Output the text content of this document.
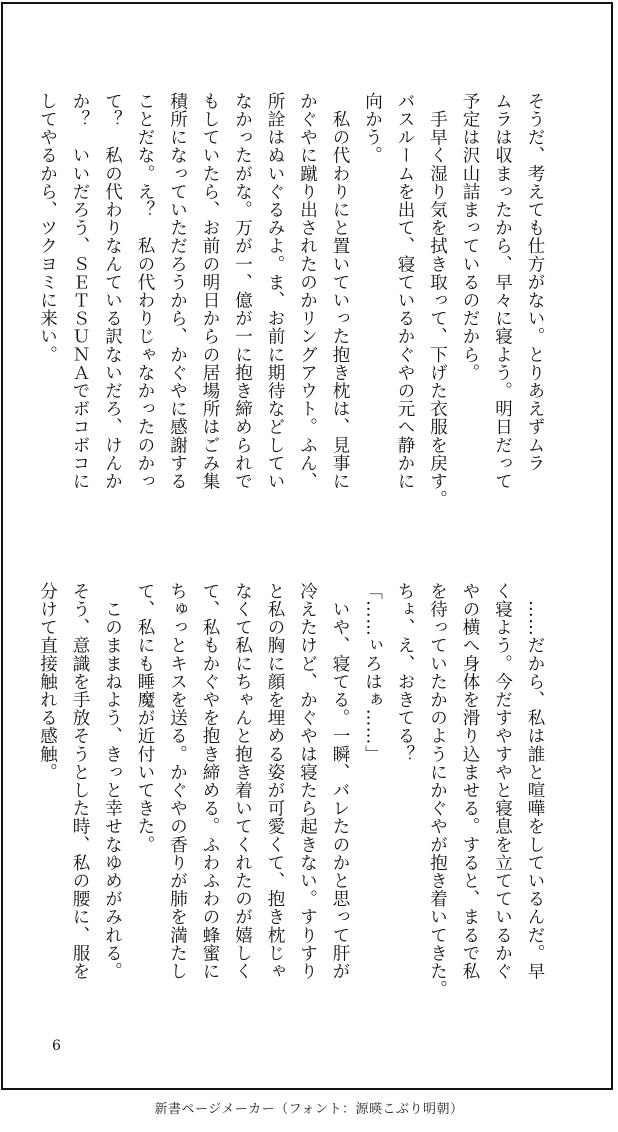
そうだ、考えても仕方がない。とりあえずムラ

ムラは収まったから、早々に寝よう。明日だって

予定は沢山詰まっているのだから。

　手早く湿り気を拭き取って、下げた衣服を戻す。

バスルームを出て、寝ているかぐやの元へ静かに

向かう。

　私の代わりにと置いていった抱き枕は、見事に

かぐやに蹴り出されたのかリングアウト。ふん、

所詮はぬいぐるみよ。ま、お前に期待などしてい

なかったがな。万が一、億が一に抱き締められで

もしていたら、お前の明日からの居場所はごみ集

積所になっていただろうから、かぐやに感謝する

ことだな。え？　私の代わりじゃなかったのかっ

て？　私の代わりなんている訳ないだろ、けんか

か？　いいだろう、ＳＥＴＳＵＮＡでボコボコに

してやるから、ツクヨミに来い。

　……だから、私は誰と喧嘩をしているんだ。早

く寝よう。今だすやすやと寝息を立てているかぐ

やの横へ身体を滑り込ませる。すると、まるで私

を待っていたかのようにかぐやが抱き着いてきた。

ちょ、え、おきてる？

「……ぃろはぁ……」

　いや、寝てる。一瞬、バレたのかと思って肝が

冷えたけど、かぐやは寝たら起きない。すりすり

と私の胸に顔を埋める姿が可愛くて、抱き枕じゃ

なくて私にちゃんと抱き着いてくれたのが嬉しく

て、私もかぐやを抱き締める。ふわふわの蜂蜜に

ちゅっとキスを送る。かぐやの香りが肺を満たし

て、私にも睡魔が近付いてきた。

　このままねよう、きっと幸せなゆめがみれる。

そう、意識を手放そうとした時、私の腰に、服を

分けて直接触れる感触。

6
新書ページメーカー（フォント：源暎こぶり明朝）
